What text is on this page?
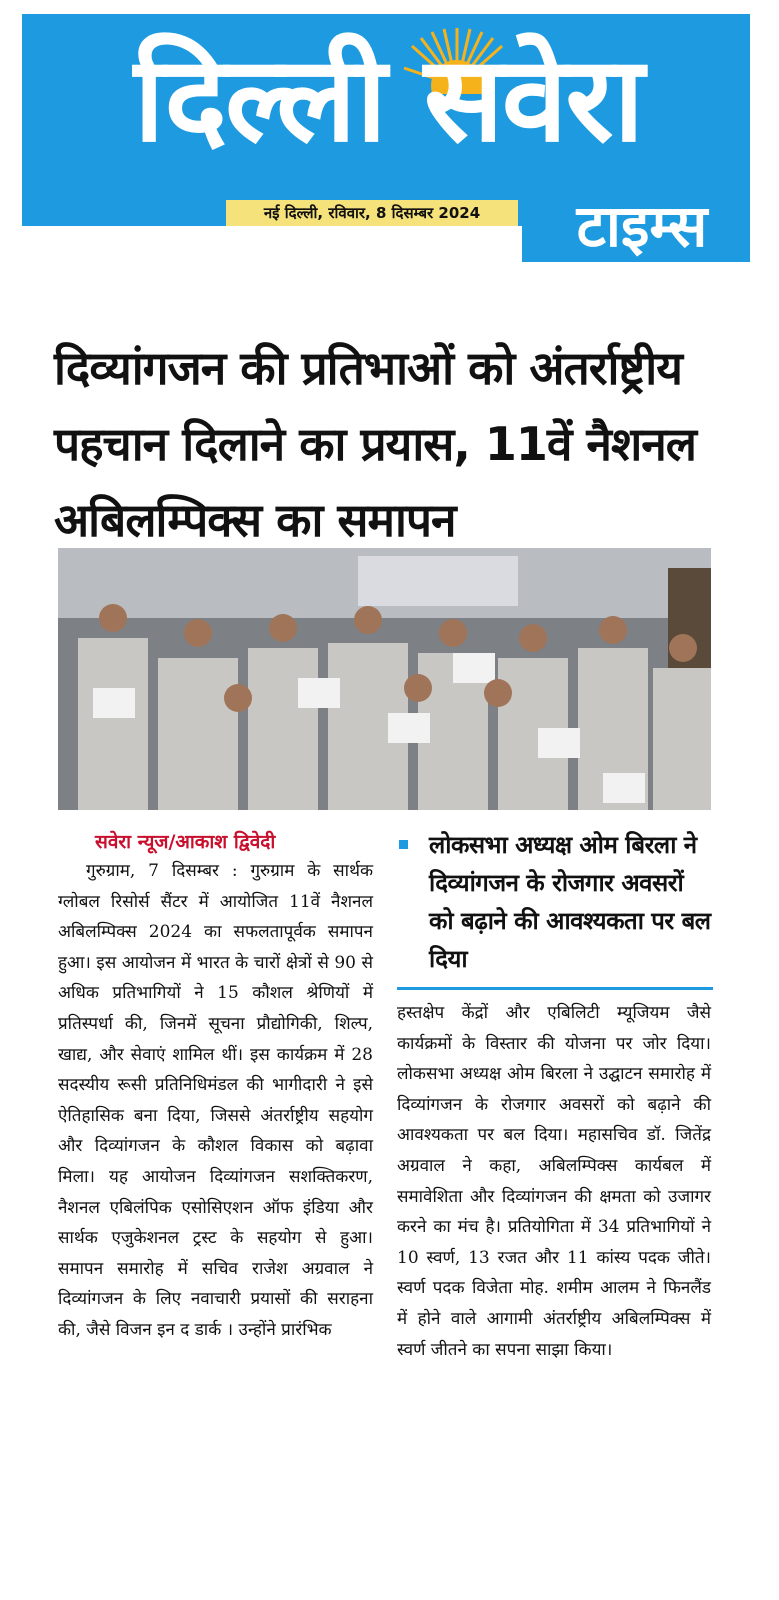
दिल्ली सवेरा
नई दिल्ली, रविवार, 8 दिसम्बर 2024	टाइम्स
दिव्यांगजन की प्रतिभाओं को अंतर्राष्ट्रीय पहचान दिलाने का प्रयास, 11वें नैशनल अबिलम्पिक्स का समापन
सवेरा न्यूज/आकाश द्विवेदी

गुरुग्राम, 7 दिसम्बर : गुरुग्राम के सार्थक ग्लोबल रिसोर्स सैंटर में आयोजित 11वें नैशनल अबिलम्पिक्स 2024 का सफलतापूर्वक समापन हुआ। इस आयोजन में भारत के चारों क्षेत्रों से 90 से अधिक प्रतिभागियों ने 15 कौशल श्रेणियों में प्रतिस्पर्धा की, जिनमें सूचना प्रौद्योगिकी, शिल्प, खाद्य, और सेवाएं शामिल थीं। इस कार्यक्रम में 28 सदस्यीय रूसी प्रतिनिधिमंडल की भागीदारी ने इसे ऐतिहासिक बना दिया, जिससे अंतर्राष्ट्रीय सहयोग और दिव्यांगजन के कौशल विकास को बढ़ावा मिला। यह आयोजन दिव्यांगजन सशक्तिकरण, नैशनल एबिलंपिक एसोसिएशन ऑफ इंडिया और सार्थक एजुकेशनल ट्रस्ट के सहयोग से हुआ। समापन समारोह में सचिव राजेश अग्रवाल ने दिव्यांगजन के लिए नवाचारी प्रयासों की सराहना की, जैसे विजन इन द डार्क । उन्होंने प्रारंभिक

लोकसभा अध्यक्ष ओम बिरला ने दिव्यांगजन के रोजगार अवसरों को बढ़ाने की आवश्यकता पर बल दिया

हस्तक्षेप केंद्रों और एबिलिटी म्यूजियम जैसे कार्यक्रमों के विस्तार की योजना पर जोर दिया। लोकसभा अध्यक्ष ओम बिरला ने उद्घाटन समारोह में दिव्यांगजन के रोजगार अवसरों को बढ़ाने की आवश्यकता पर बल दिया। महासचिव डॉ. जितेंद्र अग्रवाल ने कहा, अबिलम्पिक्स कार्यबल में समावेशिता और दिव्यांगजन की क्षमता को उजागर करने का मंच है। प्रतियोगिता में 34 प्रतिभागियों ने 10 स्वर्ण, 13 रजत और 11 कांस्य पदक जीते। स्वर्ण पदक विजेता मोह. शमीम आलम ने फिनलैंड में होने वाले आगामी अंतर्राष्ट्रीय अबिलम्पिक्स में स्वर्ण जीतने का सपना साझा किया।
